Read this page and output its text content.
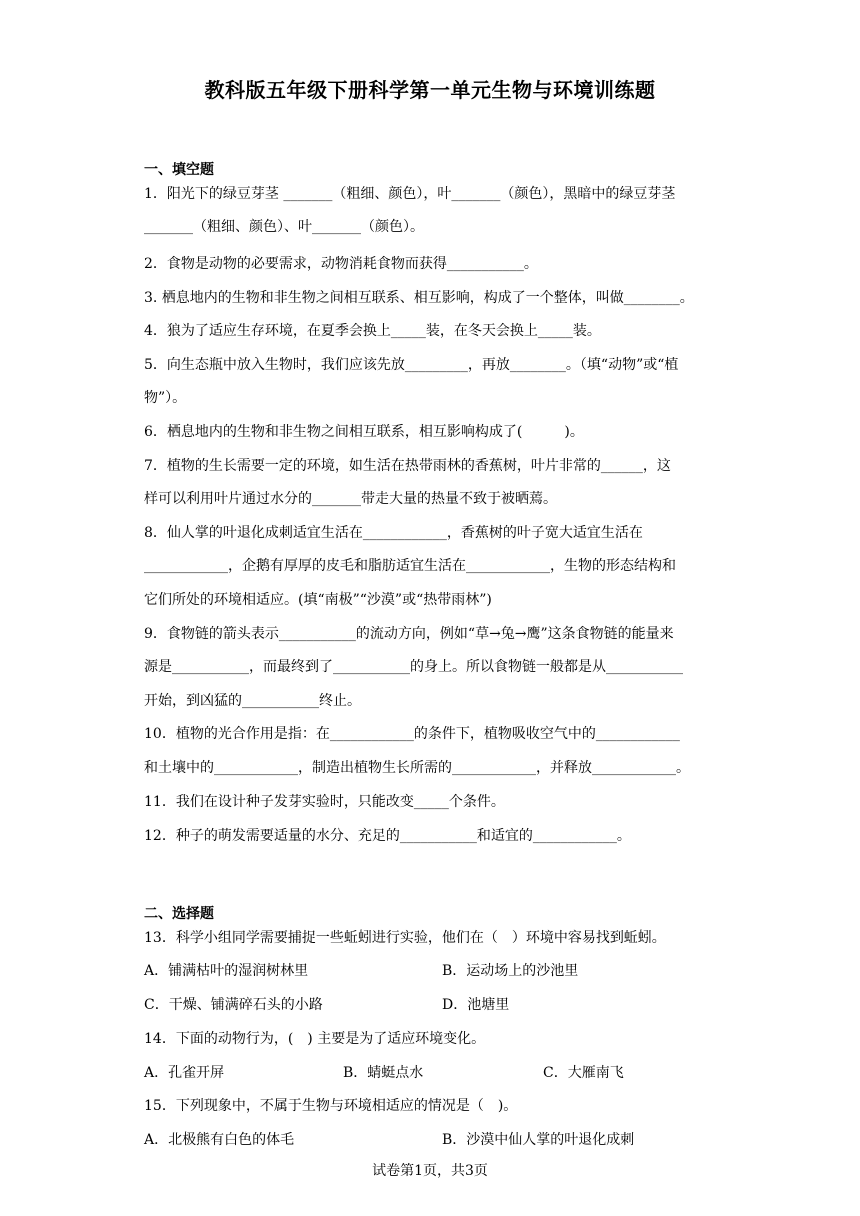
教科版五年级下册科学第一单元生物与环境训练题
一、填空题
1．阳光下的绿豆芽茎 _______（粗细、颜色），叶_______（颜色），黑暗中的绿豆芽茎
_______（粗细、颜色）、叶_______（颜色）。
2．食物是动物的必要需求，动物消耗食物而获得___________。
3. 栖息地内的生物和非生物之间相互联系、相互影响，构成了一个整体，叫做________。
4．狼为了适应生存环境，在夏季会换上_____装，在冬天会换上_____装。
5．向生态瓶中放入生物时，我们应该先放_________，再放________。（填“动物”或“植
物”）。
6．栖息地内的生物和非生物之间相互联系，相互影响构成了(　　　)。
7．植物的生长需要一定的环境，如生活在热带雨林的香蕉树，叶片非常的______，这
样可以利用叶片通过水分的_______带走大量的热量不致于被晒蔫。
8．仙人掌的叶退化成刺适宜生活在____________，香蕉树的叶子宽大适宜生活在
____________，企鹅有厚厚的皮毛和脂肪适宜生活在____________，生物的形态结构和
它们所处的环境相适应。(填“南极”“沙漠”或“热带雨林”)
9．食物链的箭头表示___________的流动方向，例如“草→兔→鹰”这条食物链的能量来
源是___________，而最终到了___________的身上。所以食物链一般都是从___________
开始，到凶猛的___________终止。
10．植物的光合作用是指：在____________的条件下，植物吸收空气中的____________
和土壤中的____________，制造出植物生长所需的____________，并释放____________。
11．我们在设计种子发芽实验时，只能改变_____个条件。
12．种子的萌发需要适量的水分、充足的___________和适宜的____________。
二、选择题
13．科学小组同学需要捕捉一些蚯蚓进行实验，他们在（　）环境中容易找到蚯蚓。
A．铺满枯叶的湿润树林里	B．运动场上的沙池里
C．干燥、铺满碎石头的小路	D．池塘里
14．下面的动物行为，(　) 主要是为了适应环境变化。
A．孔雀开屏	B．蜻蜓点水	C．大雁南飞
15．下列现象中，不属于生物与环境相适应的情况是（　)。
A．北极熊有白色的体毛	B．沙漠中仙人掌的叶退化成刺
试卷第1页，共3页
